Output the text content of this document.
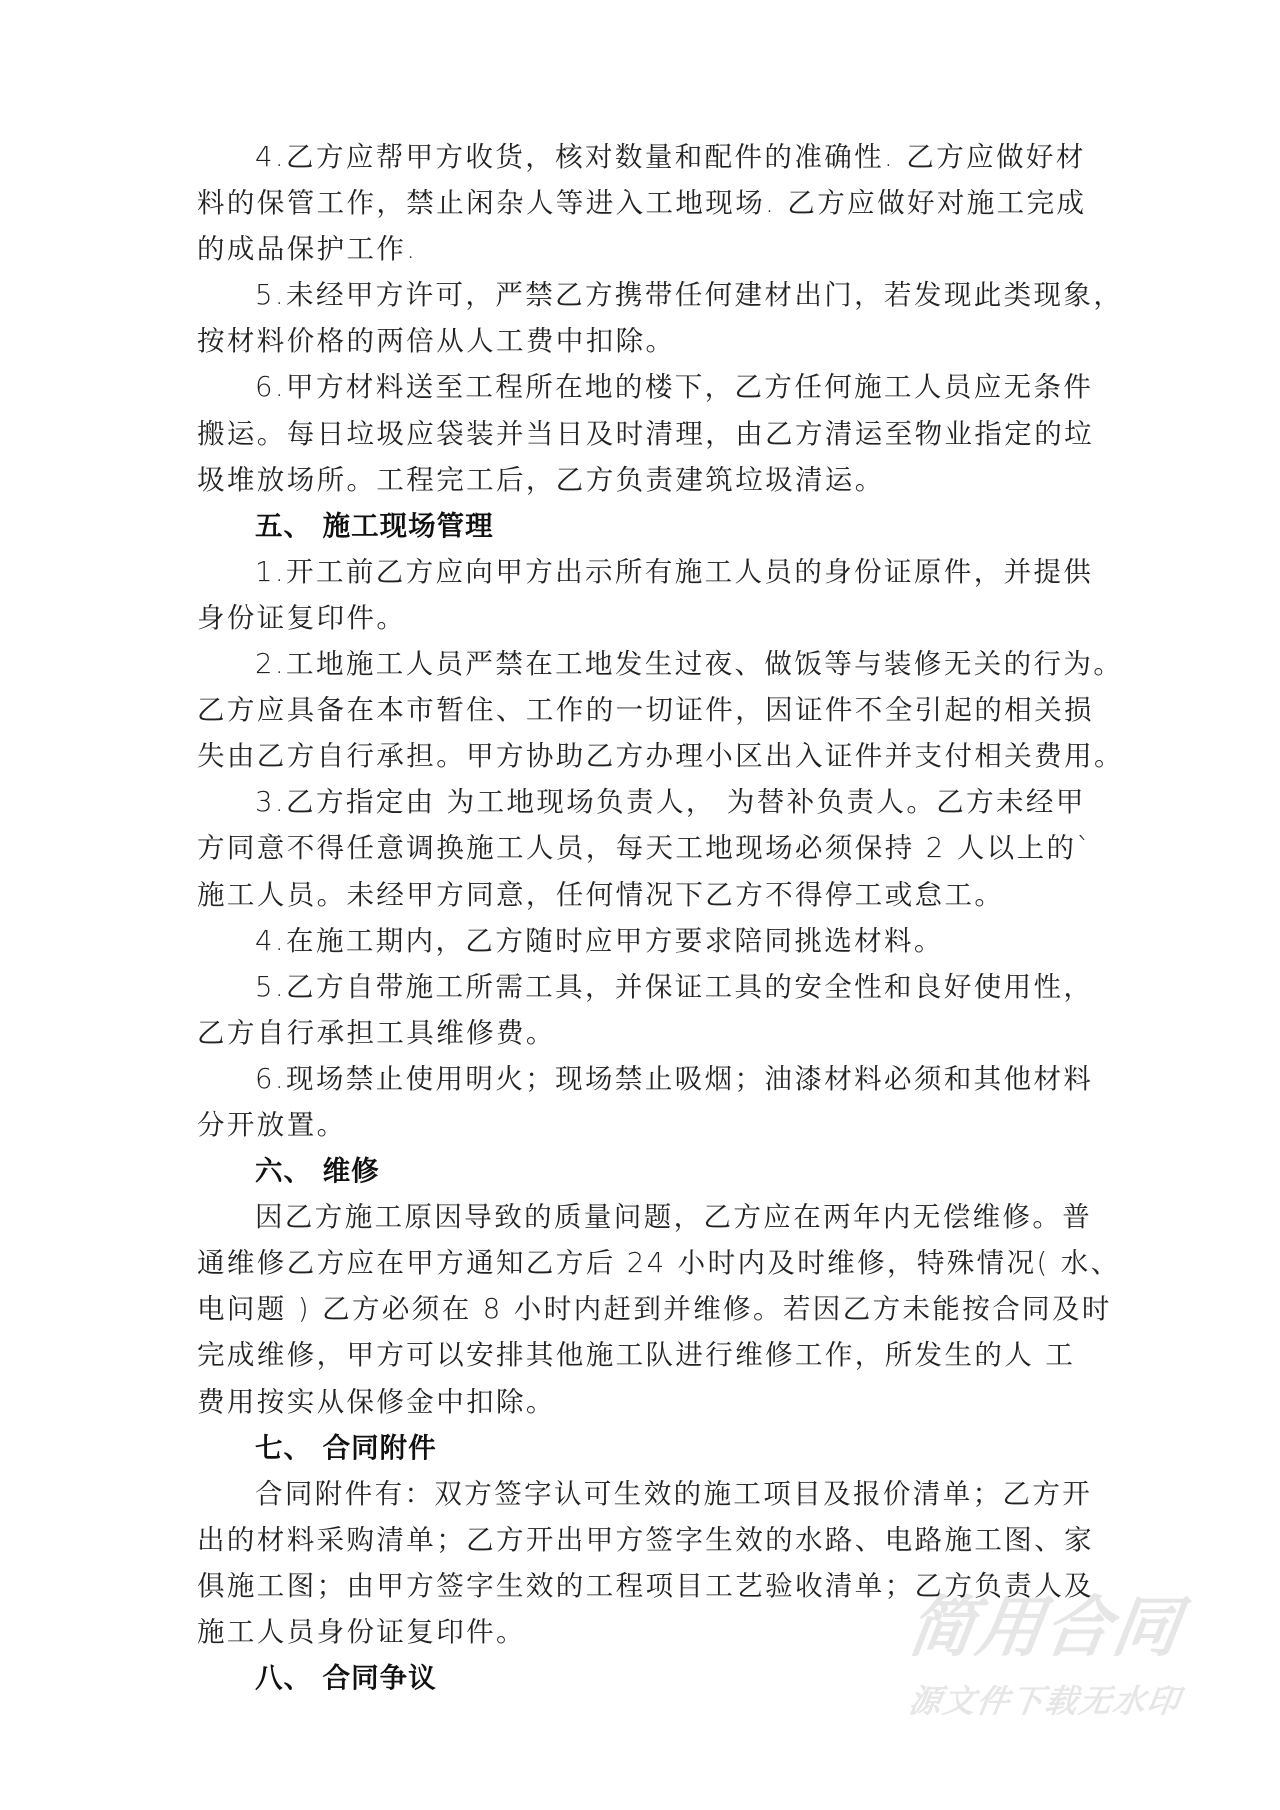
4.乙方应帮甲方收货，核对数量和配件的准确性. 乙方应做好材
料的保管工作，禁止闲杂人等进入工地现场. 乙方应做好对施工完成
的成品保护工作.
5.未经甲方许可，严禁乙方携带任何建材出门，若发现此类现象，
按材料价格的两倍从人工费中扣除。
6.甲方材料送至工程所在地的楼下，乙方任何施工人员应无条件
搬运。每日垃圾应袋装并当日及时清理，由乙方清运至物业指定的垃
圾堆放场所。工程完工后，乙方负责建筑垃圾清运。
五、 施工现场管理
1.开工前乙方应向甲方出示所有施工人员的身份证原件，并提供
身份证复印件。
2.工地施工人员严禁在工地发生过夜、做饭等与装修无关的行为。
乙方应具备在本市暂住、工作的一切证件，因证件不全引起的相关损
失由乙方自行承担。甲方协助乙方办理小区出入证件并支付相关费用。
3.乙方指定由 为工地现场负责人， 为替补负责人。乙方未经甲
方同意不得任意调换施工人员，每天工地现场必须保持 2 人以上的`
施工人员。未经甲方同意，任何情况下乙方不得停工或怠工。
4.在施工期内，乙方随时应甲方要求陪同挑选材料。
5.乙方自带施工所需工具，并保证工具的安全性和良好使用性，
乙方自行承担工具维修费。
6.现场禁止使用明火；现场禁止吸烟；油漆材料必须和其他材料
分开放置。
六、 维修
因乙方施工原因导致的质量问题，乙方应在两年内无偿维修。普
通维修乙方应在甲方通知乙方后 24 小时内及时维修，特殊情况( 水、
电问题 ) 乙方必须在 8 小时内赶到并维修。若因乙方未能按合同及时
完成维修，甲方可以安排其他施工队进行维修工作，所发生的人 工
费用按实从保修金中扣除。
七、 合同附件
合同附件有：双方签字认可生效的施工项目及报价清单；乙方开
出的材料采购清单；乙方开出甲方签字生效的水路、电路施工图、家
俱施工图；由甲方签字生效的工程项目工艺验收清单；乙方负责人及
施工人员身份证复印件。
八、 合同争议
简用合同
源文件下载无水印
